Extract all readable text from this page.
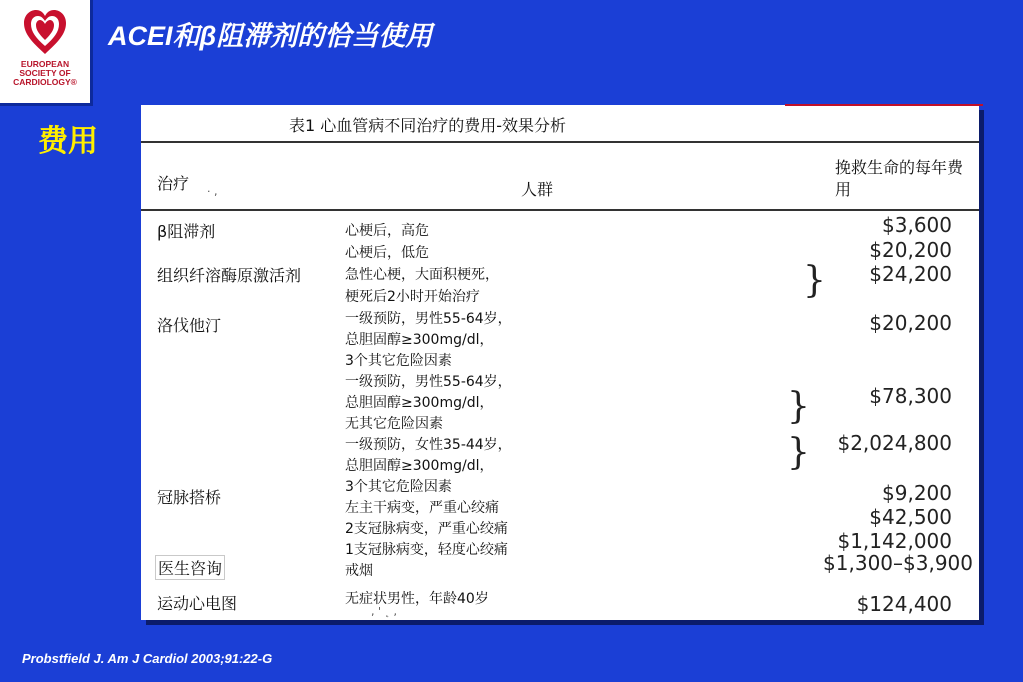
EUROPEAN
SOCIETY OF
CARDIOLOGY®
ACEI和β阻滞剂的恰当使用
费用	表1 心血管病不同治疗的费用-效果分析
治疗	人群
挽救生命的每年费用
· ,
β阻滞剂
组织纤溶酶原激活剂
洛伐他汀
冠脉搭桥
医生咨询
运动心电图
心梗后，高危
心梗后，低危
急性心梗，大面积梗死，
梗死后2小时开始治疗
一级预防，男性55-64岁，
总胆固醇≥300mg/dl，
3个其它危险因素
一级预防，男性55-64岁，
总胆固醇≥300mg/dl，
无其它危险因素
一级预防，女性35-44岁，
总胆固醇≥300mg/dl，
3个其它危险因素
左主干病变，严重心绞痛
2支冠脉病变，严重心绞痛
1支冠脉病变，轻度心绞痛
戒烟
无症状男性，年龄40岁
}
}
}
$3,600
$20,200
$24,200
$20,200
$78,300
$2,024,800
$9,200
$42,500
$1,142,000
$1,300–$3,900
$124,400
, ' ˛ ,
Probstfield J. Am J Cardiol 2003;91:22-G
